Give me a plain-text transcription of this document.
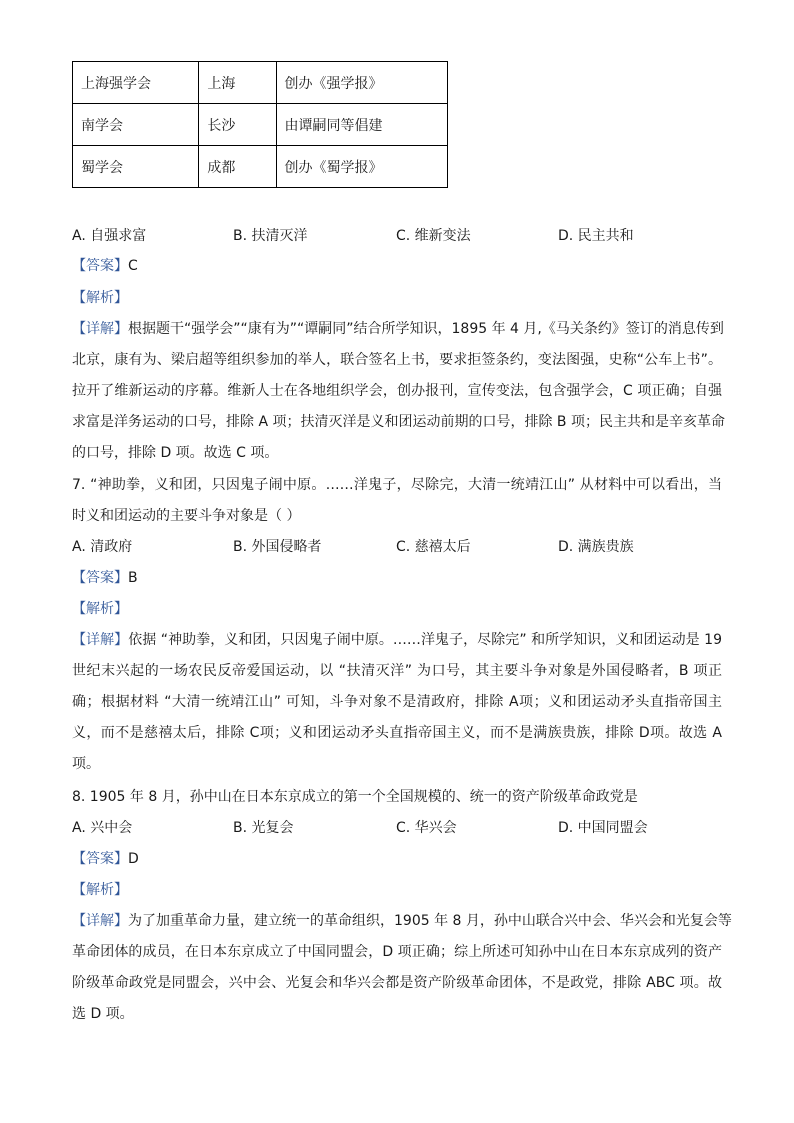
上海强学会	上海	创办《强学报》
南学会	长沙	由谭嗣同等倡建
蜀学会	成都	创办《蜀学报》
A. 自强求富	B. 扶清灭洋	C. 维新变法	D. 民主共和
【答案】C
【解析】
【详解】根据题干“强学会”“康有为”“谭嗣同”结合所学知识，1895 年 4 月,《马关条约》签订的消息传到
北京，康有为、梁启超等组织参加的举人，联合签名上书，要求拒签条约，变法图强，史称“公车上书”。
拉开了维新运动的序幕。维新人士在各地组织学会，创办报刊，宣传变法，包含强学会，C 项正确；自强
求富是洋务运动的口号，排除 A 项；扶清灭洋是义和团运动前期的口号，排除 B 项；民主共和是辛亥革命
的口号，排除 D 项。故选 C 项。
7. “神助拳，义和团，只因鬼子闹中原。……洋鬼子，尽除完，大清一统靖江山” 从材料中可以看出，当
时义和团运动的主要斗争对象是（ ）
A. 清政府	B. 外国侵略者	C. 慈禧太后	D. 满族贵族
【答案】B
【解析】
【详解】依据 “神助拳，义和团，只因鬼子闹中原。……洋鬼子，尽除完” 和所学知识，义和团运动是 19
世纪末兴起的一场农民反帝爱国运动，以 “扶清灭洋” 为口号，其主要斗争对象是外国侵略者，B 项正
确；根据材料 “大清一统靖江山” 可知，斗争对象不是清政府，排除 A项；义和团运动矛头直指帝国主
义，而不是慈禧太后，排除 C项；义和团运动矛头直指帝国主义，而不是满族贵族，排除 D项。故选 A
项。
8. 1905 年 8 月，孙中山在日本东京成立的第一个全国规模的、统一的资产阶级革命政党是
A. 兴中会	B. 光复会	C. 华兴会	D. 中国同盟会
【答案】D
【解析】
【详解】为了加重革命力量，建立统一的革命组织，1905 年 8 月，孙中山联合兴中会、华兴会和光复会等
革命团体的成员，在日本东京成立了中国同盟会，D 项正确；综上所述可知孙中山在日本东京成列的资产
阶级革命政党是同盟会，兴中会、光复会和华兴会都是资产阶级革命团体，不是政党，排除 ABC 项。故
选 D 项。
